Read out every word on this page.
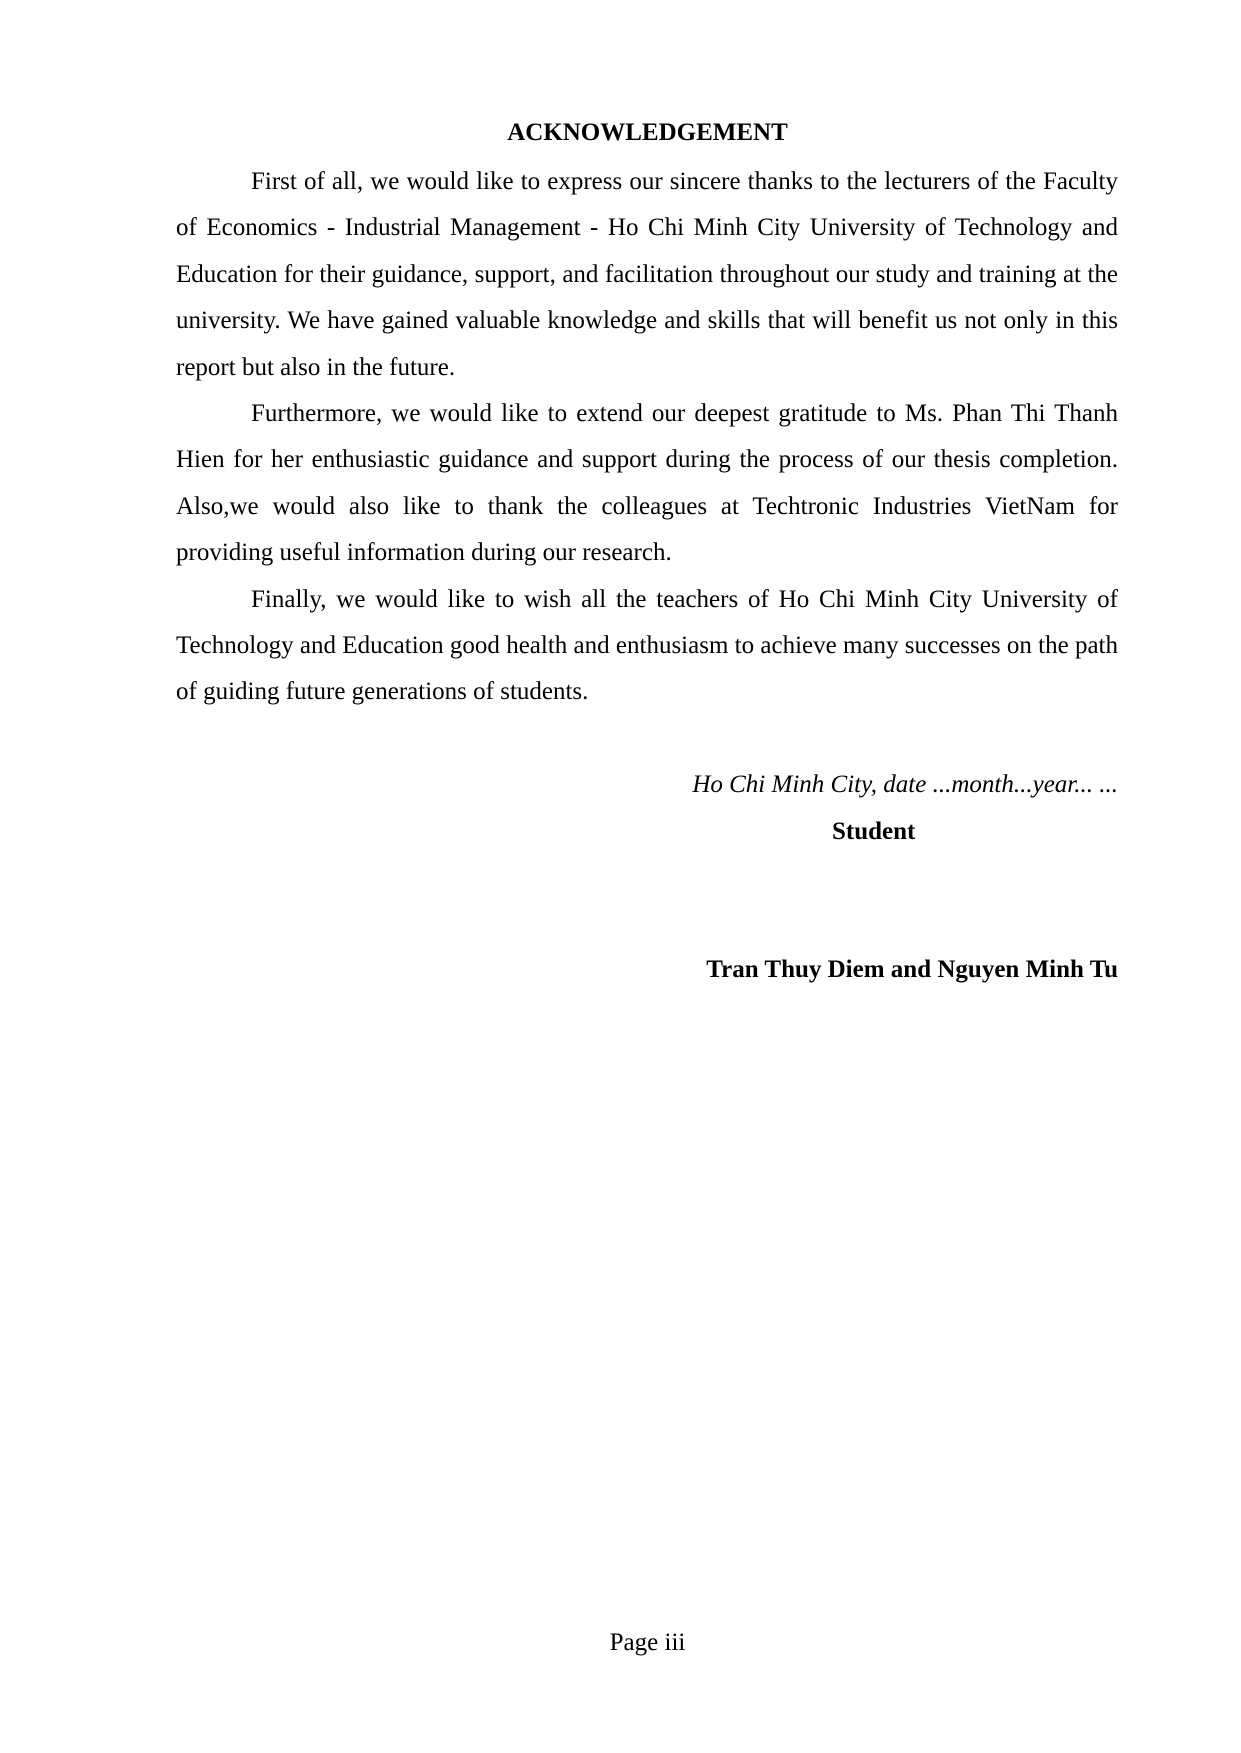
ACKNOWLEDGEMENT

First of all, we would like to express our sincere thanks to the lecturers of the Faculty of Economics - Industrial Management - Ho Chi Minh City University of Technology and Education for their guidance, support, and facilitation throughout our study and training at the university. We have gained valuable knowledge and skills that will benefit us not only in this report but also in the future.

Furthermore, we would like to extend our deepest gratitude to Ms. Phan Thi Thanh Hien for her enthusiastic guidance and support during the process of our thesis completion. Also,we would also like to thank the colleagues at Techtronic Industries VietNam for providing useful information during our research.

Finally, we would like to wish all the teachers of Ho Chi Minh City University of Technology and Education good health and enthusiasm to achieve many successes on the path of guiding future generations of students.

Ho Chi Minh City, date ...month...year... ...

Student

Tran Thuy Diem and Nguyen Minh Tu

Page iii
